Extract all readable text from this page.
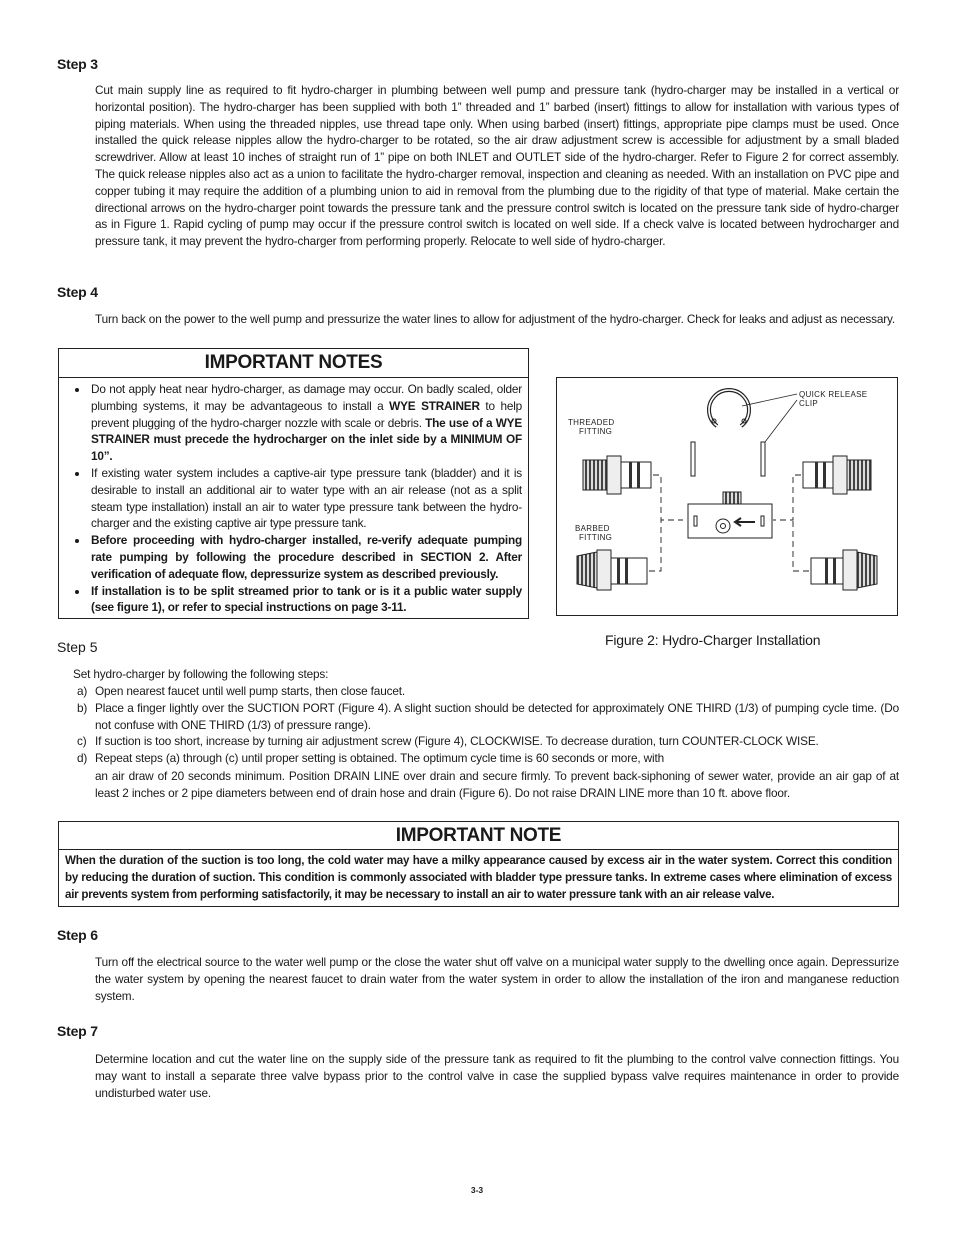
Step 3
Cut main supply line as required to fit hydro-charger in plumbing between well pump and pressure tank (hydro-charger may be installed in a vertical or horizontal position). The hydro-charger has been supplied with both 1” threaded and 1” barbed (insert) fittings to allow for installation with various types of piping materials. When using the threaded nipples, use thread tape only. When using barbed (insert) fittings, appropriate pipe clamps must be used. Once installed the quick release nipples allow the hydro-charger to be rotated, so the air draw adjustment screw is accessible for adjustment by a small bladed screwdriver. Allow at least 10 inches of straight run of 1” pipe on both INLET and OUTLET side of the hydro-charger. Refer to Figure 2 for correct assembly. The quick release nipples also act as a union to facilitate the hydro-charger removal, inspection and cleaning as needed. With an installation on PVC pipe and copper tubing it may require the addition of a plumbing union to aid in removal from the plumbing due to the rigidity of that type of material. Make certain the directional arrows on the hydro-charger point towards the pressure tank and the pressure control switch is located on the pressure tank side of hydro-charger as in Figure 1. Rapid cycling of pump may occur if the pressure control switch is located on well side. If a check valve is located between hydrocharger and pressure tank, it may prevent the hydro-charger from performing properly. Relocate to well side of hydro-charger.
Step 4
Turn back on the power to the well pump and pressurize the water lines to allow for adjustment of the hydro-charger. Check for leaks and adjust as necessary.
IMPORTANT NOTES
• Do not apply heat near hydro-charger, as damage may occur. On badly scaled, older plumbing systems, it may be advantageous to install a WYE STRAINER to help prevent plugging of the hydro-charger nozzle with scale or debris. The use of a WYE STRAINER must precede the hydrocharger on the inlet side by a MINIMUM OF 10”.
• If existing water system includes a captive-air type pressure tank (bladder) and it is desirable to install an additional air to water type with an air release (not as a split steam type installation) install an air to water type pressure tank between the hydro-charger and the existing captive air type pressure tank.
• Before proceeding with hydro-charger installed, re-verify adequate pumping rate pumping by following the procedure described in SECTION 2. After verification of adequate flow, depressurize system as described previously.
• If installation is to be split streamed prior to tank or is it a public water supply (see figure 1), or refer to special instructions on page 3-11.
QUICK RELEASE
CLIP
THREADED
FITTING
BARBED
FITTING
Figure 2: Hydro-Charger Installation
Step 5
Set hydro-charger by following the following steps:
a) Open nearest faucet until well pump starts, then close faucet.
b) Place a finger lightly over the SUCTION PORT (Figure 4). A slight suction should be detected for approximately ONE THIRD (1/3) of pumping cycle time. (Do not confuse with ONE THIRD (1/3) of pressure range).
c) If suction is too short, increase by turning air adjustment screw (Figure 4), CLOCKWISE. To decrease duration, turn COUNTER-CLOCK WISE.
d) Repeat steps (a) through (c) until proper setting is obtained. The optimum cycle time is 60 seconds or more, with
an air draw of 20 seconds minimum. Position DRAIN LINE over drain and secure firmly. To prevent back-siphoning of sewer water, provide an air gap of at least 2 inches or 2 pipe diameters between end of drain hose and drain (Figure 6). Do not raise DRAIN LINE more than 10 ft. above floor.
IMPORTANT NOTE
When the duration of the suction is too long, the cold water may have a milky appearance caused by excess air in the water system. Correct this condition by reducing the duration of suction. This condition is commonly associated with bladder type pressure tanks. In extreme cases where elimination of excess air prevents system from performing satisfactorily, it may be necessary to install an air to water pressure tank with an air release valve.
Step 6
Turn off the electrical source to the water well pump or the close the water shut off valve on a municipal water supply to the dwelling once again. Depressurize the water system by opening the nearest faucet to drain water from the water system in order to allow the installation of the iron and manganese reduction system.
Step 7
Determine location and cut the water line on the supply side of the pressure tank as required to fit the plumbing to the control valve connection fittings. You may want to install a separate three valve bypass prior to the control valve in case the supplied bypass valve requires maintenance in order to provide undisturbed water use.
3-3
